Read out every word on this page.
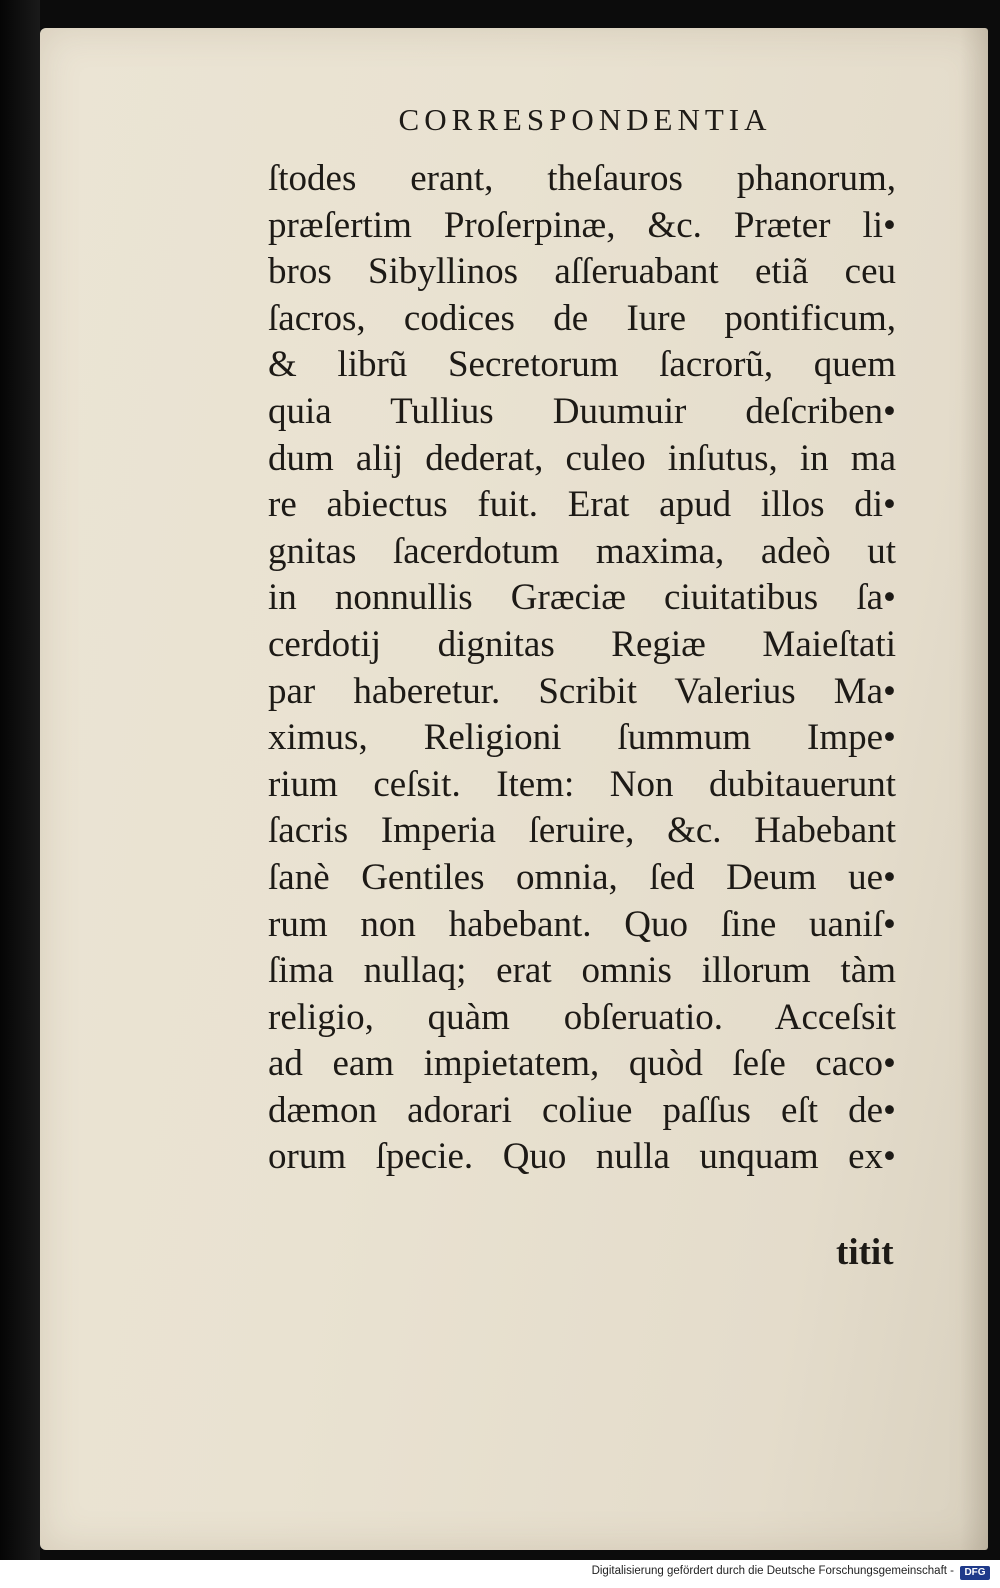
CORRESPONDENTIA
ſtodes erant, theſauros phanorum,
præſertim Proſerpinæ, &c. Præter li•
bros Sibyllinos aſſeruabant etiã ceu
ſacros, codices de Iure pontificum,
& librũ Secretorum ſacrorũ, quem
quia Tullius Duumuir deſcriben•
dum alij dederat, culeo inſutus, in ma
re abiectus fuit. Erat apud illos di•
gnitas ſacerdotum maxima, adeò ut
in nonnullis Græciæ ciuitatibus ſa•
cerdotij dignitas Regiæ Maieſtati
par haberetur. Scribit Valerius Ma•
ximus, Religioni ſummum Impe•
rium ceſsit. Item: Non dubitauerunt
ſacris Imperia ſeruire, &c. Habebant
ſanè Gentiles omnia, ſed Deum ue•
rum non habebant. Quo ſine uaniſ•
ſima nullaq; erat omnis illorum tàm
religio, quàm obſeruatio. Acceſsit
ad eam impietatem, quòd ſeſe caco•
dæmon adorari coliue paſſus eſt de•
orum ſpecie. Quo nulla unquam ex•
titit
Digitalisierung gefördert durch die Deutsche Forschungsgemeinschaft -	DFG
